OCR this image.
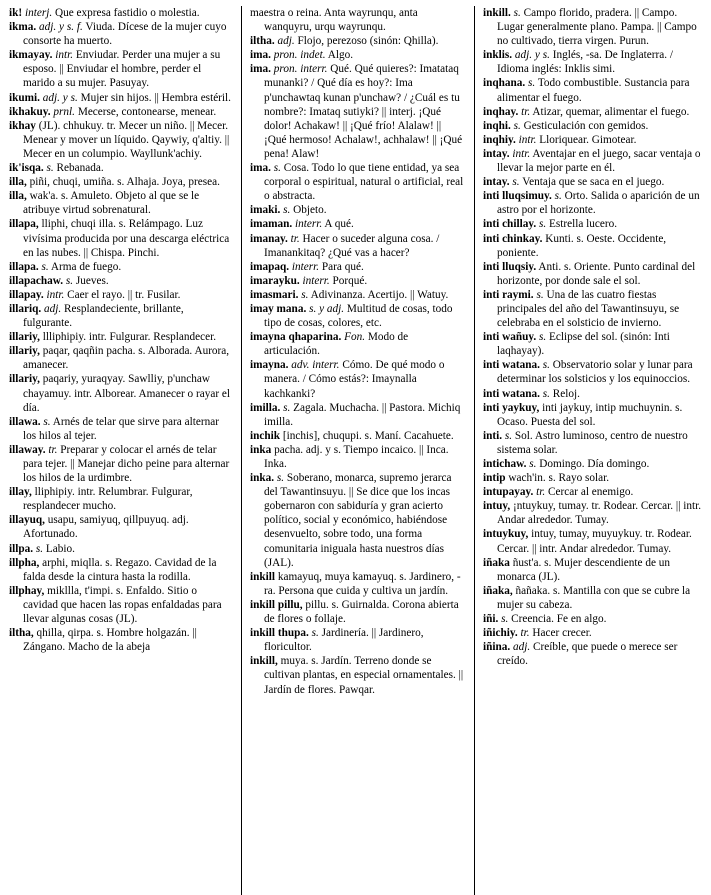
ik! interj. Que expresa fastidio o molestia.

ikma. adj. y s. f. Viuda. Dícese de la mujer cuyo consorte ha muerto.

ikmayay. intr. Enviudar. Perder una mujer a su esposo. || Enviudar el hombre, perder el marido a su mujer. Pasuyay.

ikumi. adj. y s. Mujer sin hijos. || Hembra estéril.

ikhakuy. prnl. Mecerse, contonearse, menear.

ikhay (JL). chhukuy. tr. Mecer un niño. || Mecer. Menear y mover un líquido. Qaywiy, q'altiy. || Mecer en un columpio. Wayllunk'achiy.

ik'isqa. s. Rebanada.

illa, piñi, chuqi, umiña. s. Alhaja. Joya, presea.

illa, wak'a. s. Amuleto. Objeto al que se le atribuye virtud sobrenatural.

illapa, lliphi, chuqi illa. s. Relámpago. Luz vivísima producida por una descarga eléctrica en las nubes. || Chispa. Pinchi.

illapa. s. Arma de fuego.

illapachaw. s. Jueves.

illapay. intr. Caer el rayo. || tr. Fusilar.

illariq. adj. Resplandeciente, brillante, fulgurante.

illariy, llliphipiy. intr. Fulgurar. Resplandecer.

illariy, paqar, qaqñin pacha. s. Alborada. Aurora, amanecer.

illariy, paqariy, yuraqyay. Sawlliy, p'unchaw chayamuy. intr. Alborear. Amanecer o rayar el día.

illawa. s. Arnés de telar que sirve para alternar los hilos al tejer.

illaway. tr. Preparar y colocar el arnés de telar para tejer. || Manejar dicho peine para alternar los hilos de la urdimbre.

illay, lliphipiy. intr. Relumbrar. Fulgurar, resplandecer mucho.

illayuq, usapu, samiyuq, qillpuyuq. adj. Afortunado.

illpa. s. Labio.

illpha, arphi, miqlla. s. Regazo. Cavidad de la falda desde la cintura hasta la rodilla.

illphay, mikllla, t'impi. s. Enfaldo. Sitio o cavidad que hacen las ropas enfaldadas para llevar algunas cosas (JL).

iltha, qhilla, qirpa. s. Hombre holgazán. || Zángano. Macho de la abeja

maestra o reina. Anta wayrunqu, anta wanquyru, urqu wayrunqu.

iltha. adj. Flojo, perezoso (sinón: Qhilla).

ima. pron. indet. Algo.

ima. pron. interr. Qué. Qué quieres?: Imatataq munanki? / Qué día es hoy?: Ima p'unchawtaq kunan p'unchaw? / ¿Cuál es tu nombre?: Imataq sutiyki? || interj. ¡Qué dolor! Achakaw! || ¡Qué frío! Alalaw! || ¡Qué hermoso! Achalaw!, achhalaw! || ¡Qué pena! Alaw!

ima. s. Cosa. Todo lo que tiene entidad, ya sea corporal o espiritual, natural o artificial, real o abstracta.

imaki. s. Objeto.

imaman. interr. A qué.

imanay. tr. Hacer o suceder alguna cosa. / Imanankitaq? ¿Qué vas a hacer?

imapaq. interr. Para qué.

imarayku. interr. Porqué.

imasmari. s. Adivinanza. Acertijo. || Watuy.

imay mana. s. y adj. Multitud de cosas, todo tipo de cosas, colores, etc.

imayna qhaparina. Fon. Modo de articulación.

imayna. adv. interr. Cómo. De qué modo o manera. / Cómo estás?: Imaynalla kachkanki?

imilla. s. Zagala. Muchacha. || Pastora. Michiq imilla.

inchik [inchis], chuqupi. s. Maní. Cacahuete.

inka pacha. adj. y s. Tiempo incaico. || Inca. Inka.

inka. s. Soberano, monarca, supremo jerarca del Tawantinsuyu. || Se dice que los incas gobernaron con sabiduría y gran acierto político, social y económico, habiéndose desenvuelto, sobre todo, una forma comunitaria iniguala hasta nuestros días (JAL).

inkill kamayuq, muya kamayuq. s. Jardinero, -ra. Persona que cuida y cultiva un jardín.

inkill pillu, pillu. s. Guirnalda. Corona abierta de flores o follaje.

inkill thupa. s. Jardinería. || Jardinero, floricultor.

inkill, muya. s. Jardín. Terreno donde se cultivan plantas, en especial ornamentales. || Jardín de flores. Pawqar.

inkill. s. Campo florido, pradera. || Campo. Lugar generalmente plano. Pampa. || Campo no cultivado, tierra virgen. Purun.

inklis. adj. y s. Inglés, -sa. De Inglaterra. / Idioma inglés: Inklis simi.

inqhana. s. Todo combustible. Sustancia para alimentar el fuego.

inqhay. tr. Atizar, quemar, alimentar el fuego.

inqhi. s. Gesticulación con gemidos.

inqhiy. intr. Lloriquear. Gimotear.

intay. intr. Aventajar en el juego, sacar ventaja o llevar la mejor parte en él.

intay. s. Ventaja que se saca en el juego.

inti lluqsimuy. s. Orto. Salida o aparición de un astro por el horizonte.

inti chillay. s. Estrella lucero.

inti chinkay. Kunti. s. Oeste. Occidente, poniente.

inti lluqsiy. Anti. s. Oriente. Punto cardinal del horizonte, por donde sale el sol.

inti raymi. s. Una de las cuatro fiestas principales del año del Tawantinsuyu, se celebraba en el solsticio de invierno.

inti wañuy. s. Eclipse del sol. (sinón: Inti laqhayay).

inti watana. s. Observatorio solar y lunar para determinar los solsticios y los equinoccios.

inti watana. s. Reloj.

inti yaykuy, inti jaykuy, intip muchuynin. s. Ocaso. Puesta del sol.

inti. s. Sol. Astro luminoso, centro de nuestro sistema solar.

intichaw. s. Domingo. Día domingo.

intip wach'in. s. Rayo solar.

intupayay. tr. Cercar al enemigo.

intuy, ¡ntuykuy, tumay. tr. Rodear. Cercar. || intr. Andar alrededor. Tumay.

intuykuy, intuy, tumay, muyuykuy. tr. Rodear. Cercar. || intr. Andar alrededor. Tumay.

iñaka ñust'a. s. Mujer descendiente de un monarca (JL).

iñaka, ñañaka. s. Mantilla con que se cubre la mujer su cabeza.

iñi. s. Creencia. Fe en algo.

iñichiy. tr. Hacer crecer.

iñina. adj. Creíble, que puede o merece ser creído.
